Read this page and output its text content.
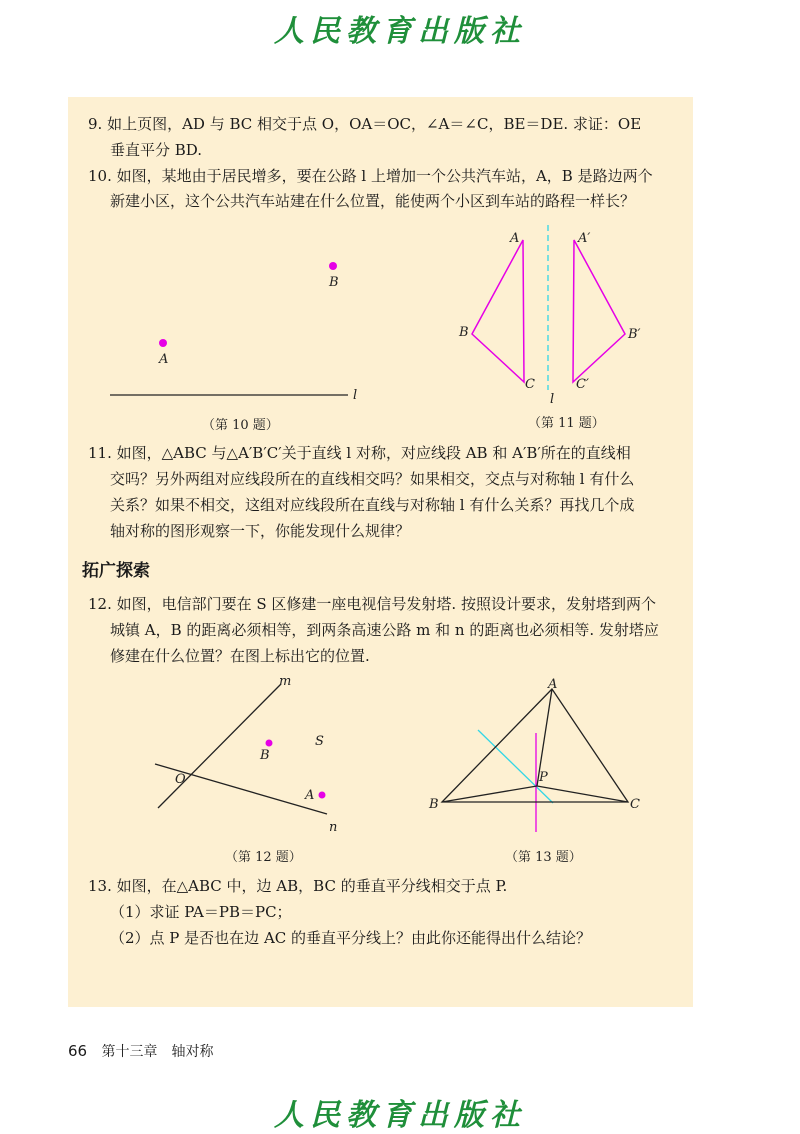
人民教育出版社
9. 如上页图，AD 与 BC 相交于点 O，OA＝OC，∠A＝∠C，BE＝DE. 求证：OE
垂直平分 BD.
10. 如图，某地由于居民增多，要在公路 l 上增加一个公共汽车站，A，B 是路边两个
新建小区，这个公共汽车站建在什么位置，能使两个小区到车站的路程一样长？
B
A
l
（第 10 题）
A
B
C
A′
B′
C′
l
（第 11 题）
11. 如图，△ABC 与△A′B′C′关于直线 l 对称，对应线段 AB 和 A′B′所在的直线相
交吗？另外两组对应线段所在的直线相交吗？如果相交，交点与对称轴 l 有什么
关系？如果不相交，这组对应线段所在直线与对称轴 l 有什么关系？再找几个成
轴对称的图形观察一下，你能发现什么规律？
拓广探索
12. 如图，电信部门要在 S 区修建一座电视信号发射塔. 按照设计要求，发射塔到两个
城镇 A，B 的距离必须相等，到两条高速公路 m 和 n 的距离也必须相等. 发射塔应
修建在什么位置？在图上标出它的位置.
m
n
O
B
S
A
（第 12 题）
A
B	C
P
（第 13 题）
13. 如图，在△ABC 中，边 AB，BC 的垂直平分线相交于点 P.
（1）求证 PA＝PB＝PC；
（2）点 P 是否也在边 AC 的垂直平分线上？由此你还能得出什么结论？
66 第十三章　轴对称
人民教育出版社
